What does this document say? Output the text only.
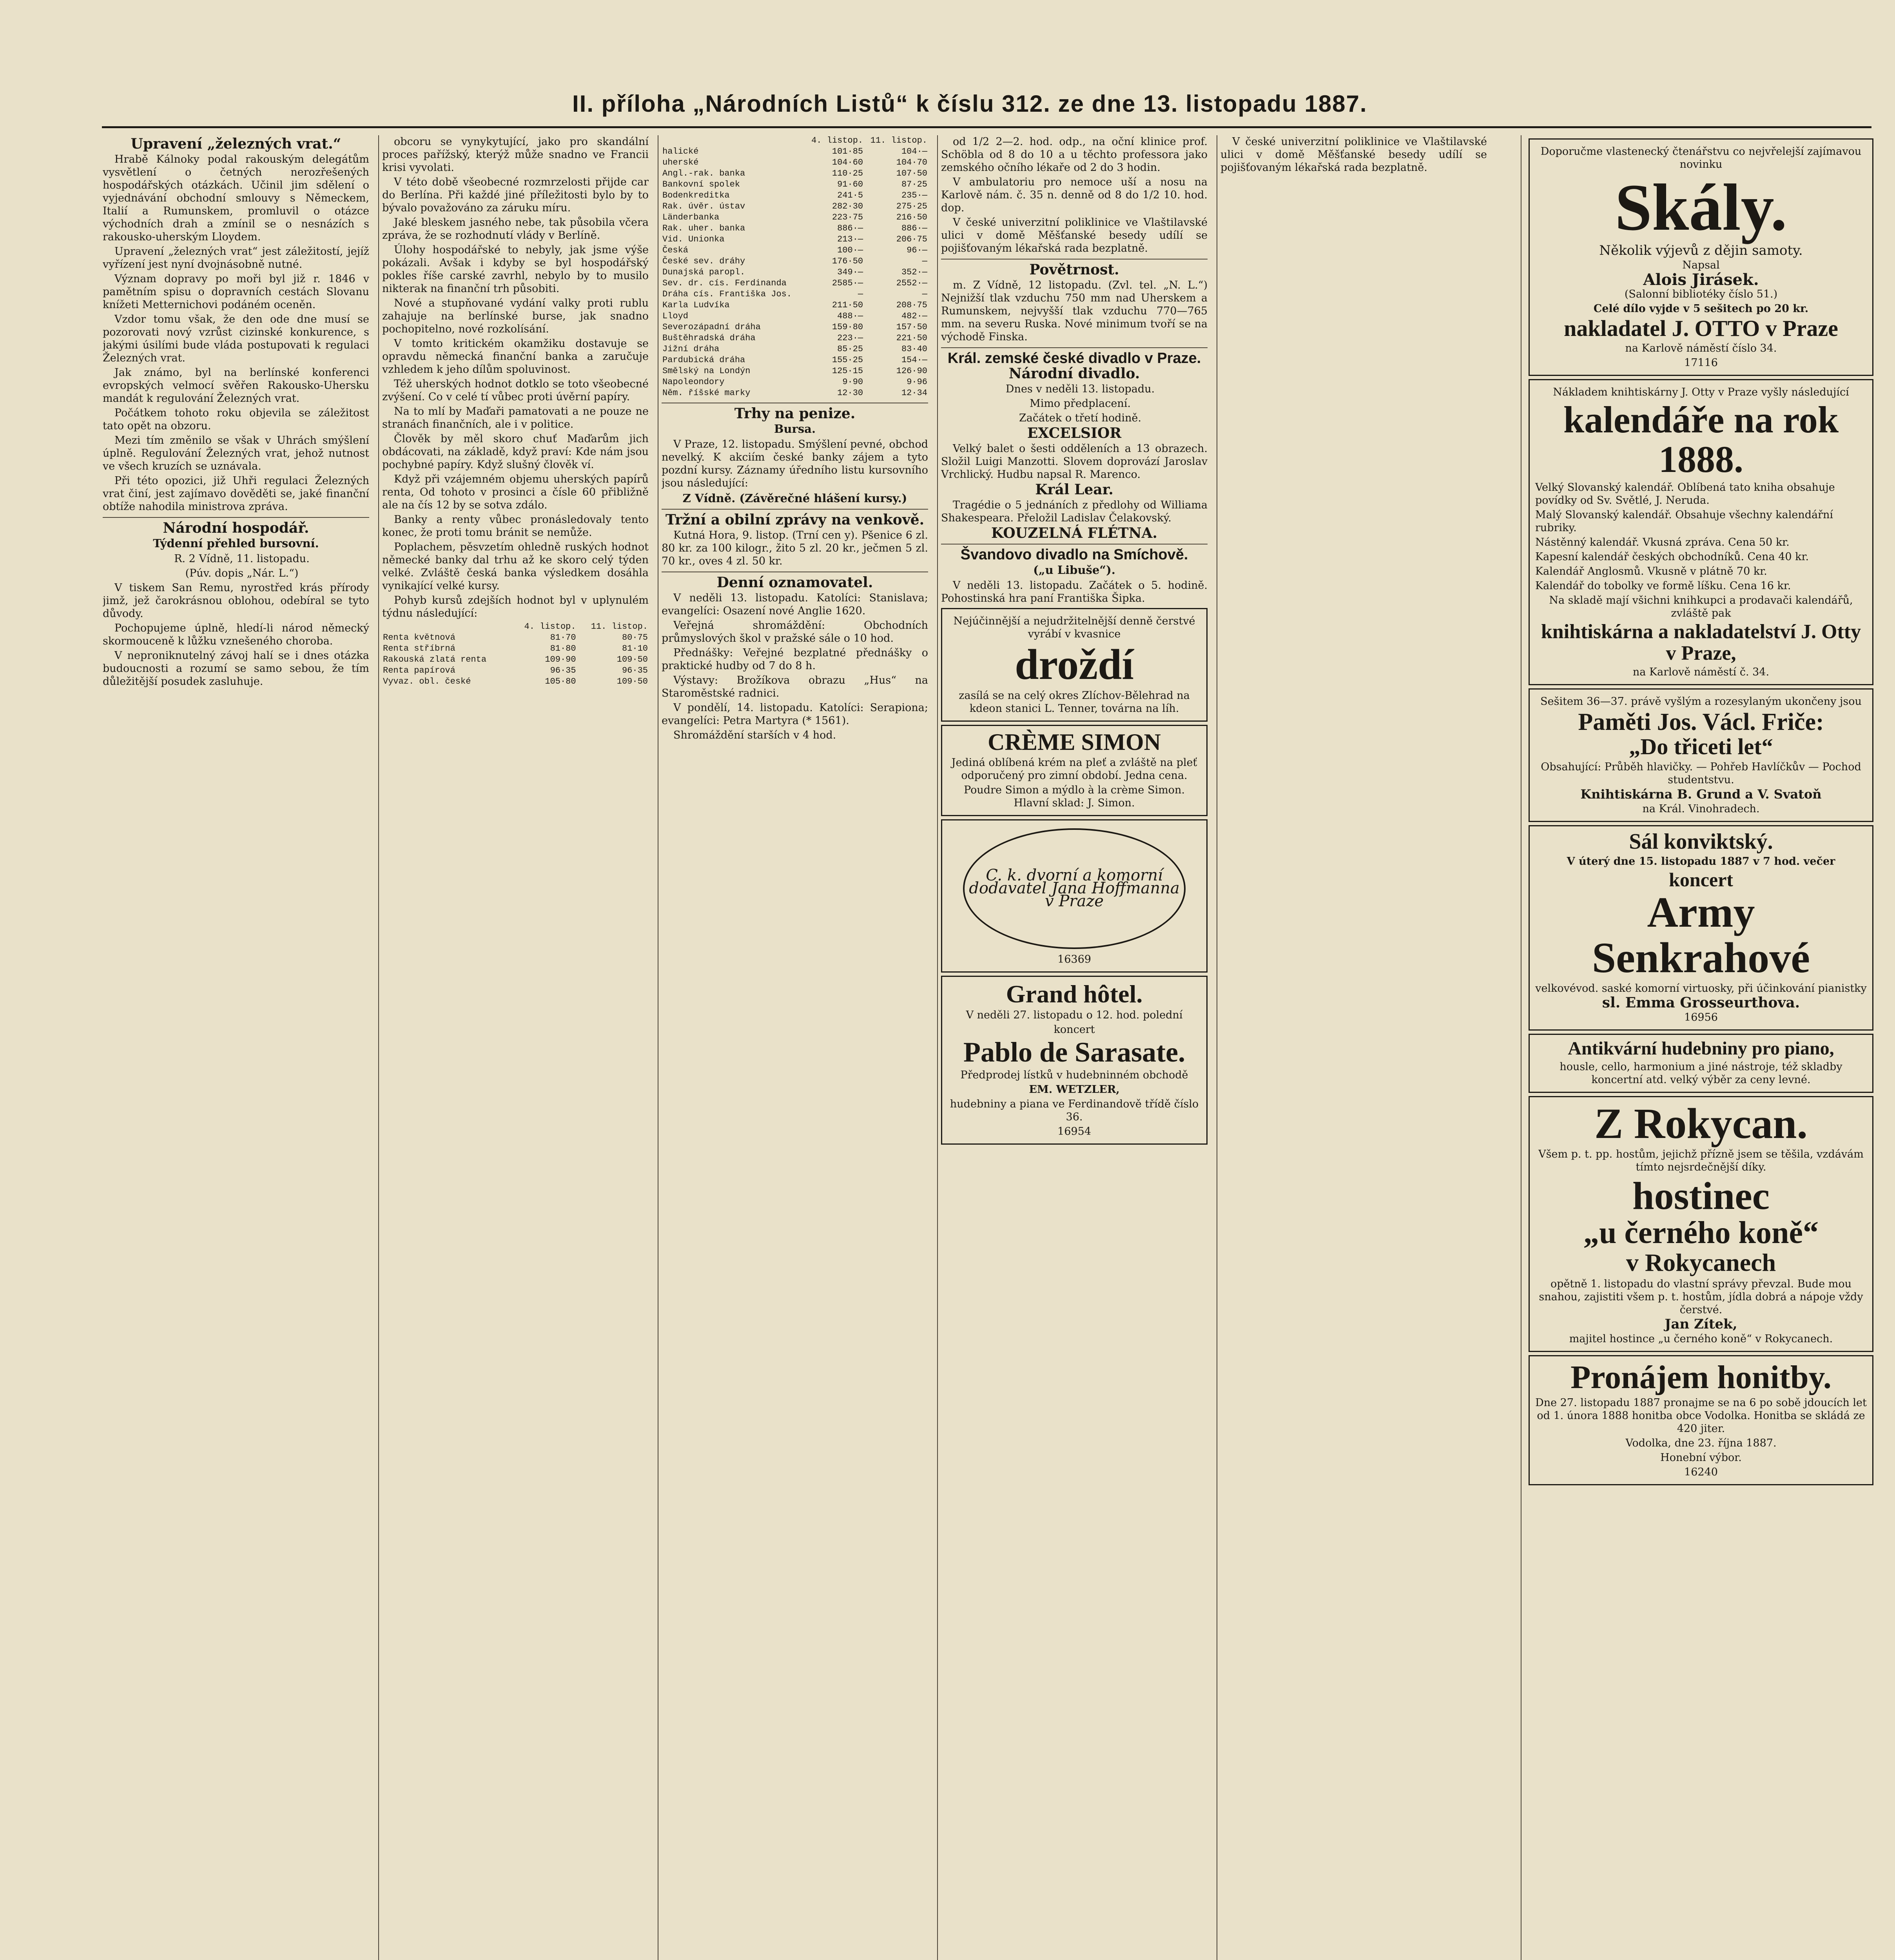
II. příloha „Národních Listů“ k číslu 312. ze dne 13. listopadu 1887.
Upravení „železných vrat.“

Hrabě Kálnoky podal rakouským delegátům vysvětlení o četných nerozřešených hospodářských otázkách. Učinil jim sdělení o vyjednávání obchodní smlouvy s Německem, Italií a Rumunskem, promluvil o otázce východních drah a zmínil se o nesnázích s rakousko-uherským Lloydem.

Upravení „železných vrat“ jest záležitostí, jejíž vyřízení jest nyní dvojnásobně nutné.

Význam dopravy po moři byl již r. 1846 v pamětním spisu o dopravních cestách Slovanu knížeti Metternichovi podáném oceněn.

Vzdor tomu však, že den ode dne musí se pozorovati nový vzrůst cizinské konkurence, s jakými úsilími bude vláda postupovati k regulaci Železných vrat.

Jak známo, byl na berlínské konferenci evropských velmocí svěřen Rakousko-Uhersku mandát k regulování Železných vrat.

Počátkem tohoto roku objevila se záležitost tato opět na obzoru.

Mezi tím změnilo se však v Uhrách smýšlení úplně. Regulování Železných vrat, jehož nutnost ve všech kruzích se uznávala.

Při této opozici, již Uhři regulaci Železných vrat činí, jest zajímavo dověděti se, jaké finanční obtíže nahodila ministrova zpráva.

Národní hospodář.
Týdenní přehled bursovní.

R. 2 Vídně, 11. listopadu.

(Púv. dopis „Nár. L.“)

V tiskem San Remu, nyrostřed krás přírody jimž, jež čarokrásnou oblohou, odebíral se tyto důvody.

Pochopujeme úplně, hledí-li národ německý skormouceně k lůžku vznešeného choroba.

V neproniknutelný závoj halí se i dnes otázka budoucnosti a rozumí se samo sebou, že tím důležitější posudek zasluhuje.

obcoru se vynykytující, jako pro skandální proces pařížský, kterýž může snadno ve Francii krisi vyvolati.

V této době všeobecné rozmrzelosti přijde car do Berlína. Při každé jiné příležitosti bylo by to bývalo považováno za záruku míru.

Jaké bleskem jasného nebe, tak působila včera zpráva, že se rozhodnutí vlády v Berlíně.

Úlohy hospodářské to nebyly, jak jsme výše pokázali. Avšak i kdyby se byl hospodářský pokles říše carské zavrhl, nebylo by to musilo nikterak na finanční trh působiti.

Nové a stupňované vydání valky proti rublu zahajuje na berlínské burse, jak snadno pochopitelno, nové rozkolísání.

V tomto kritickém okamžiku dostavuje se opravdu německá finanční banka a zaručuje vzhledem k jeho dílům spoluvinost.

Též uherských hodnot dotklo se toto všeobecné zvýšení. Co v celé tí vůbec proti úvěrní papíry.

Na to mlí by Maďaři pamatovati a ne pouze ne stranách finančních, ale i v politice.

Člověk by měl skoro chuť Maďarům jich obdácovati, na základě, když praví: Kde nám jsou pochybné papíry. Když slušný člověk ví.

Když při vzájemném objemu uherských papírů renta, Od tohoto v prosinci a čísle 60 přibližně ale na čís 12 by se sotva zdálo.

Banky a renty vůbec pronásledovaly tento konec, že proti tomu bránit se nemůže.

Poplachem, pěsvzetím ohledně ruských hodnot německé banky dal trhu až ke skoro celý týden velké. Zvláště česká banka výsledkem dosáhla vynikající velké kursy.

Pohyb kursů zdejších hodnot byl v uplynulém týdnu následující:

	4. listop.	11. listop.
Renta květnová	81·70	80·75
Renta stříbrná	81·80	81·10
Rakouská zlatá renta	109·90	109·50
Renta papírová	96·35	96·35
Vyvaz. obl. české	105·80	109·50
	4. listop.	11. listop.
halické	101·85	104·—
uherské	104·60	104·70
Angl.-rak. banka	110·25	107·50
Bankovní spolek	91·60	87·25
Bodenkreditka	241·5	235·—
Rak. úvěr. ústav	282·30	275·25
Länderbanka	223·75	216·50
Rak. uher. banka	886·—	886·—
Vid. Unionka	213·—	206·75
Česká	100·—	96·—
České sev. dráhy	176·50	—
Dunajská paropl.	349·—	352·—
Sev. dr. cís. Ferdinanda	2585·—	2552·—
Dráha cís. Františka Jos.	—	—
Karla Ludvíka	211·50	208·75
Lloyd	488·—	482·—
Severozápadní dráha	159·80	157·50
Buštěhradská dráha	223·—	221·50
Jižní dráha	85·25	83·40
Pardubická dráha	155·25	154·—
Smělský na Londýn	125·15	126·90
Napoleondory	9·90	9·96
Něm. říšské marky	12·30	12·34
Trhy na penize.
Bursa.

V Praze, 12. listopadu. Smýšlení pevné, obchod nevelký. K akciím české banky zájem a tyto pozdní kursy. Záznamy úředního listu kursovního jsou následující:

Z Vídně. (Závěrečné hlášení kursy.)
Tržní a obilní zprávy na venkově.

Kutná Hora, 9. listop. (Trní cen y). Pšenice 6 zl. 80 kr. za 100 kilogr., žito 5 zl. 20 kr., ječmen 5 zl. 70 kr., oves 4 zl. 50 kr.

Denní oznamovatel.

V neděli 13. listopadu. Katolíci: Stanislava; evangelíci: Osazení nové Anglie 1620.

Veřejná shromáždění: Obchodních průmyslových škol v pražské sále o 10 hod.

Přednášky: Veřejné bezplatné přednášky o praktické hudby od 7 do 8 h.

Výstavy: Brožíkova obrazu „Hus“ na Staroměstské radnici.

V pondělí, 14. listopadu. Katolíci: Serapiona; evangelíci: Petra Martyra (* 1561).

Shromáždění starších v 4 hod.

od 1/2 2—2. hod. odp., na oční klinice prof. Schöbla od 8 do 10 a u těchto professora jako zemského očního lékaře od 2 do 3 hodin.

V ambulatoriu pro nemoce uší a nosu na Karlově nám. č. 35 n. denně od 8 do 1/2 10. hod. dop.

V české univerzitní poliklinice ve Vlaštilavské ulici v domě Měšťanské besedy udílí se pojišťovaným lékařská rada bezplatně.

Povětrnost.

m. Z Vídně, 12 listopadu. (Zvl. tel. „N. L.“) Nejnižší tlak vzduchu 750 mm nad Uherskem a Rumunskem, nejvyšší tlak vzduchu 770—765 mm. na severu Ruska. Nové minimum tvoří se na východě Finska.

Král. zemské české divadlo v Praze.
Národní divadlo.

Dnes v neděli 13. listopadu.

Mimo předplacení.

Začátek o třetí hodině.

EXCELSIOR

Velký balet o šesti odděleních a 13 obrazech. Složil Luigi Manzotti. Slovem doprovází Jaroslav Vrchlický. Hudbu napsal R. Marenco.

Král Lear.

Tragédie o 5 jednáních z předlohy od Williama Shakespeara. Přeložil Ladislav Čelakovský.

KOUZELNÁ FLÉTNA.
Švandovo divadlo na Smíchově.
(„u Libuše“).

V neděli 13. listopadu. Začátek o 5. hodině. Pohostinská hra paní Františka Šipka.

Nejúčinnější a nejudržitelnější denně čerstvé vyrábí v kvasnice

droždí

zasílá se na celý okres Zlíchov-Bělehrad na kdeon stanici L. Tenner, továrna na líh.

CRÈME SIMON

Jediná oblíbená krém na pleť a zvláště na pleť odporučený pro zimní období. Jedna cena.

Poudre Simon a mýdlo à la crème Simon. Hlavní sklad: J. Simon.

C. k. dvorní a komorní dodavatel Jana Hoffmanna v Praze

16369

Grand hôtel.

V neděli 27. listopadu o 12. hod. polední

koncert

Pablo de Sarasate.

Předprodej lístků v hudebninném obchodě

EM. WETZLER,

hudebniny a piana ve Ferdinandově třídě číslo 36.

16954

V české univerzitní poliklinice ve Vlaštilavské ulici v domě Měšťanské besedy udílí se pojišťovaným lékařská rada bezplatně.

Doporučme vlastenecký čtenářstvu co nejvřelejší zajímavou novinku

Skály.

Několik výjevů z dějin samoty.

Napsal

Alois Jirásek.

(Salonní bibliotéky číslo 51.)

Celé dílo vyjde v 5 sešitech po 20 kr.

nakladatel J. OTTO v Praze

na Karlově náměstí číslo 34.

17116

Nákladem knihtiskárny J. Otty v Praze vyšly následující

kalendáře na rok 1888.

Velký Slovanský kalendář. Oblíbená tato kniha obsahuje povídky od Sv. Světlé, J. Neruda.

Malý Slovanský kalendář. Obsahuje všechny kalendářní rubriky.

Nástěnný kalendář. Vkusná zpráva. Cena 50 kr.

Kapesní kalendář českých obchodníků. Cena 40 kr.

Kalendář Anglosmů. Vkusně v plátně 70 kr.

Kalendář do tobolky ve formě líšku. Cena 16 kr.

Na skladě mají všichni knihkupci a prodavači kalendářů, zvláště pak

knihtiskárna a nakladatelství J. Otty v Praze,

na Karlově náměstí č. 34.

Sešitem 36—37. právě vyšlým a rozesylaným ukončeny jsou

Paměti Jos. Václ. Friče:
„Do třiceti let“

Obsahující: Průběh hlavičky. — Pohřeb Havlíčkův — Pochod studentstvu.

Knihtiskárna B. Grund a V. Svatoň

na Král. Vinohradech.

Sál konviktský.

V úterý dne 15. listopadu 1887 v 7 hod. večer

koncert
Army Senkrahové

velkovévod. saské komorní virtuosky, při účinkování pianistky

sl. Emma Grosseurthova.

16956

Antikvární hudebniny pro piano,

housle, cello, harmonium a jiné nástroje, též skladby koncertní atd. velký výběr za ceny levné.

Z Rokycan.

Všem p. t. pp. hostům, jejichž přízně jsem se těšila, vzdávám tímto nejsrdečnější díky.

hostinec
„u černého koně“
v Rokycanech

opětně 1. listopadu do vlastní správy převzal. Bude mou snahou, zajistiti všem p. t. hostům, jídla dobrá a nápoje vždy čerstvé.

Jan Zítek,

majitel hostince „u černého koně“ v Rokycanech.

Pronájem honitby.

Dne 27. listopadu 1887 pronajme se na 6 po sobě jdoucích let od 1. února 1888 honitba obce Vodolka. Honitba se skládá ze 420 jiter.

Vodolka, dne 23. října 1887.

Honební výbor.

16240
